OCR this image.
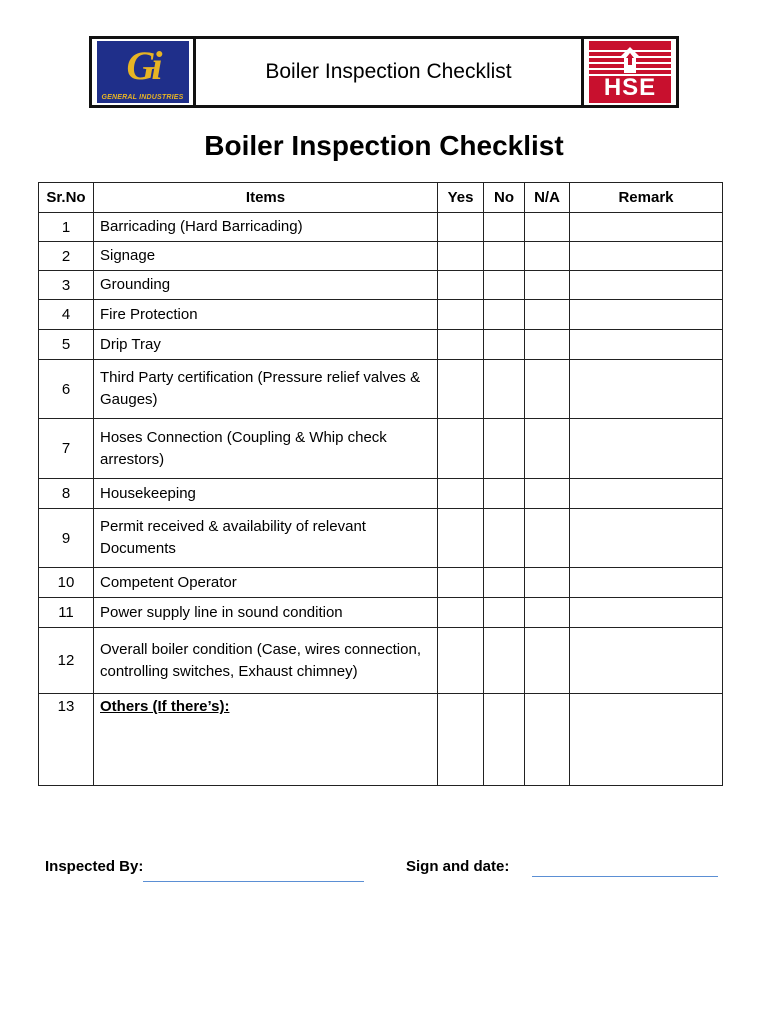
Gi
GENERAL INDUSTRIES
Boiler Inspection Checklist
HSE
Boiler Inspection Checklist
Sr.No	Items	Yes	No	N/A	Remark
1	Barricading (Hard Barricading)				
2	Signage				
3	Grounding				
4	Fire Protection				
5	Drip Tray				
6	Third Party certification (Pressure relief valves & Gauges)				
7	Hoses Connection (Coupling & Whip check arrestors)				
8	Housekeeping				
9	Permit received & availability of relevant Documents				
10	Competent Operator				
11	Power supply line in sound condition				
12	Overall boiler condition (Case, wires connection, controlling switches, Exhaust chimney)				
13	Others (If there’s):				
Inspected By:	Sign and date:
